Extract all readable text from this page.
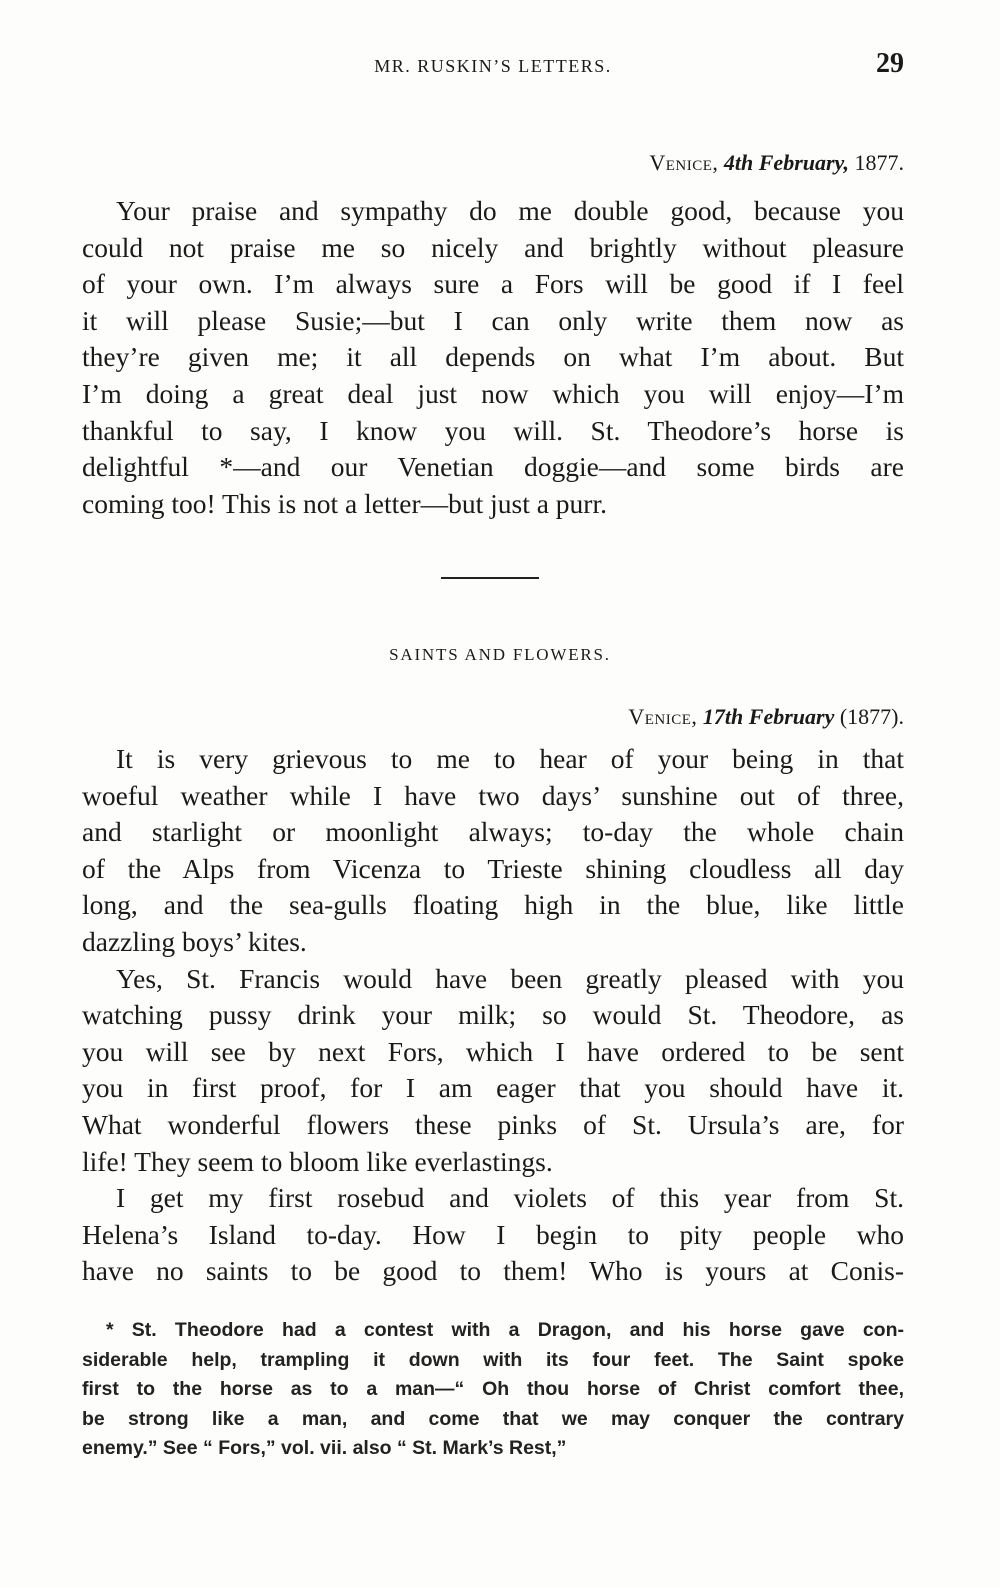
MR. RUSKIN’S LETTERS.	29
Venice, 4th February, 1877.
Your praise and sympathy do me double good, because you
could not praise me so nicely and brightly without pleasure
of your own. I’m always sure a Fors will be good if I feel
it will please Susie;—but I can only write them now as
they’re given me; it all depends on what I’m about. But
I’m doing a great deal just now which you will enjoy—I’m
thankful to say, I know you will. St. Theodore’s horse is
delightful *—and our Venetian doggie—and some birds are
coming too! This is not a letter—but just a purr.
SAINTS AND FLOWERS.
Venice, 17th February (1877).
It is very grievous to me to hear of your being in that
woeful weather while I have two days’ sunshine out of three,
and starlight or moonlight always; to-day the whole chain
of the Alps from Vicenza to Trieste shining cloudless all day
long, and the sea-gulls floating high in the blue, like little
dazzling boys’ kites.
Yes, St. Francis would have been greatly pleased with you
watching pussy drink your milk; so would St. Theodore, as
you will see by next Fors, which I have ordered to be sent
you in first proof, for I am eager that you should have it.
What wonderful flowers these pinks of St. Ursula’s are, for
life! They seem to bloom like everlastings.
I get my first rosebud and violets of this year from St.
Helena’s Island to-day. How I begin to pity people who
have no saints to be good to them! Who is yours at Conis-
* St. Theodore had a contest with a Dragon, and his horse gave con-
siderable help, trampling it down with its four feet. The Saint spoke
first to the horse as to a man—“ Oh thou horse of Christ comfort thee,
be strong like a man, and come that we may conquer the contrary
enemy.” See “ Fors,” vol. vii. also “ St. Mark’s Rest,”
